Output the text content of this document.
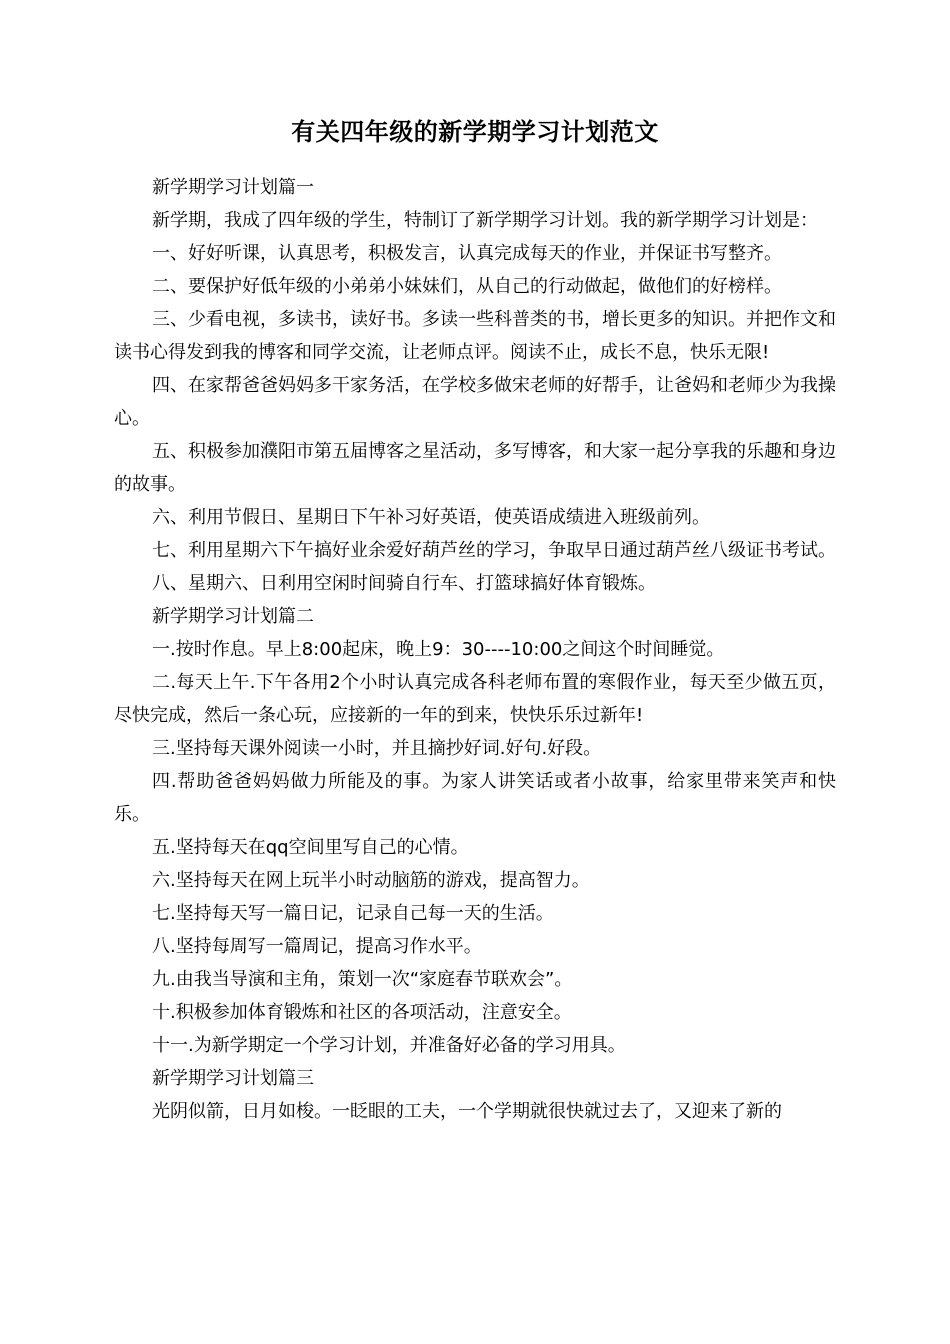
有关四年级的新学期学习计划范文

新学期学习计划篇一

新学期，我成了四年级的学生，特制订了新学期学习计划。我的新学期学习计划是：

一、好好听课，认真思考，积极发言，认真完成每天的作业，并保证书写整齐。

二、要保护好低年级的小弟弟小妹妹们，从自己的行动做起，做他们的好榜样。

三、少看电视，多读书，读好书。多读一些科普类的书，增长更多的知识。并把作文和读书心得发到我的博客和同学交流，让老师点评。阅读不止，成长不息，快乐无限!

四、在家帮爸爸妈妈多干家务活，在学校多做宋老师的好帮手，让爸妈和老师少为我操心。

五、积极参加濮阳市第五届博客之星活动，多写博客，和大家一起分享我的乐趣和身边的故事。

六、利用节假日、星期日下午补习好英语，使英语成绩进入班级前列。

七、利用星期六下午搞好业余爱好葫芦丝的学习，争取早日通过葫芦丝八级证书考试。

八、星期六、日利用空闲时间骑自行车、打篮球搞好体育锻炼。

新学期学习计划篇二

一.按时作息。早上8:00起床，晚上9：30----10:00之间这个时间睡觉。

二.每天上午.下午各用2个小时认真完成各科老师布置的寒假作业，每天至少做五页，尽快完成，然后一条心玩，应接新的一年的到来，快快乐乐过新年!

三.坚持每天课外阅读一小时，并且摘抄好词.好句.好段。

四.帮助爸爸妈妈做力所能及的事。为家人讲笑话或者小故事，给家里带来笑声和快乐。

五.坚持每天在qq空间里写自己的心情。

六.坚持每天在网上玩半小时动脑筋的游戏，提高智力。

七.坚持每天写一篇日记，记录自己每一天的生活。

八.坚持每周写一篇周记，提高习作水平。

九.由我当导演和主角，策划一次“家庭春节联欢会”。

十.积极参加体育锻炼和社区的各项活动，注意安全。

十一.为新学期定一个学习计划，并准备好必备的学习用具。

新学期学习计划篇三

光阴似箭，日月如梭。一眨眼的工夫，一个学期就很快就过去了，又迎来了新的
